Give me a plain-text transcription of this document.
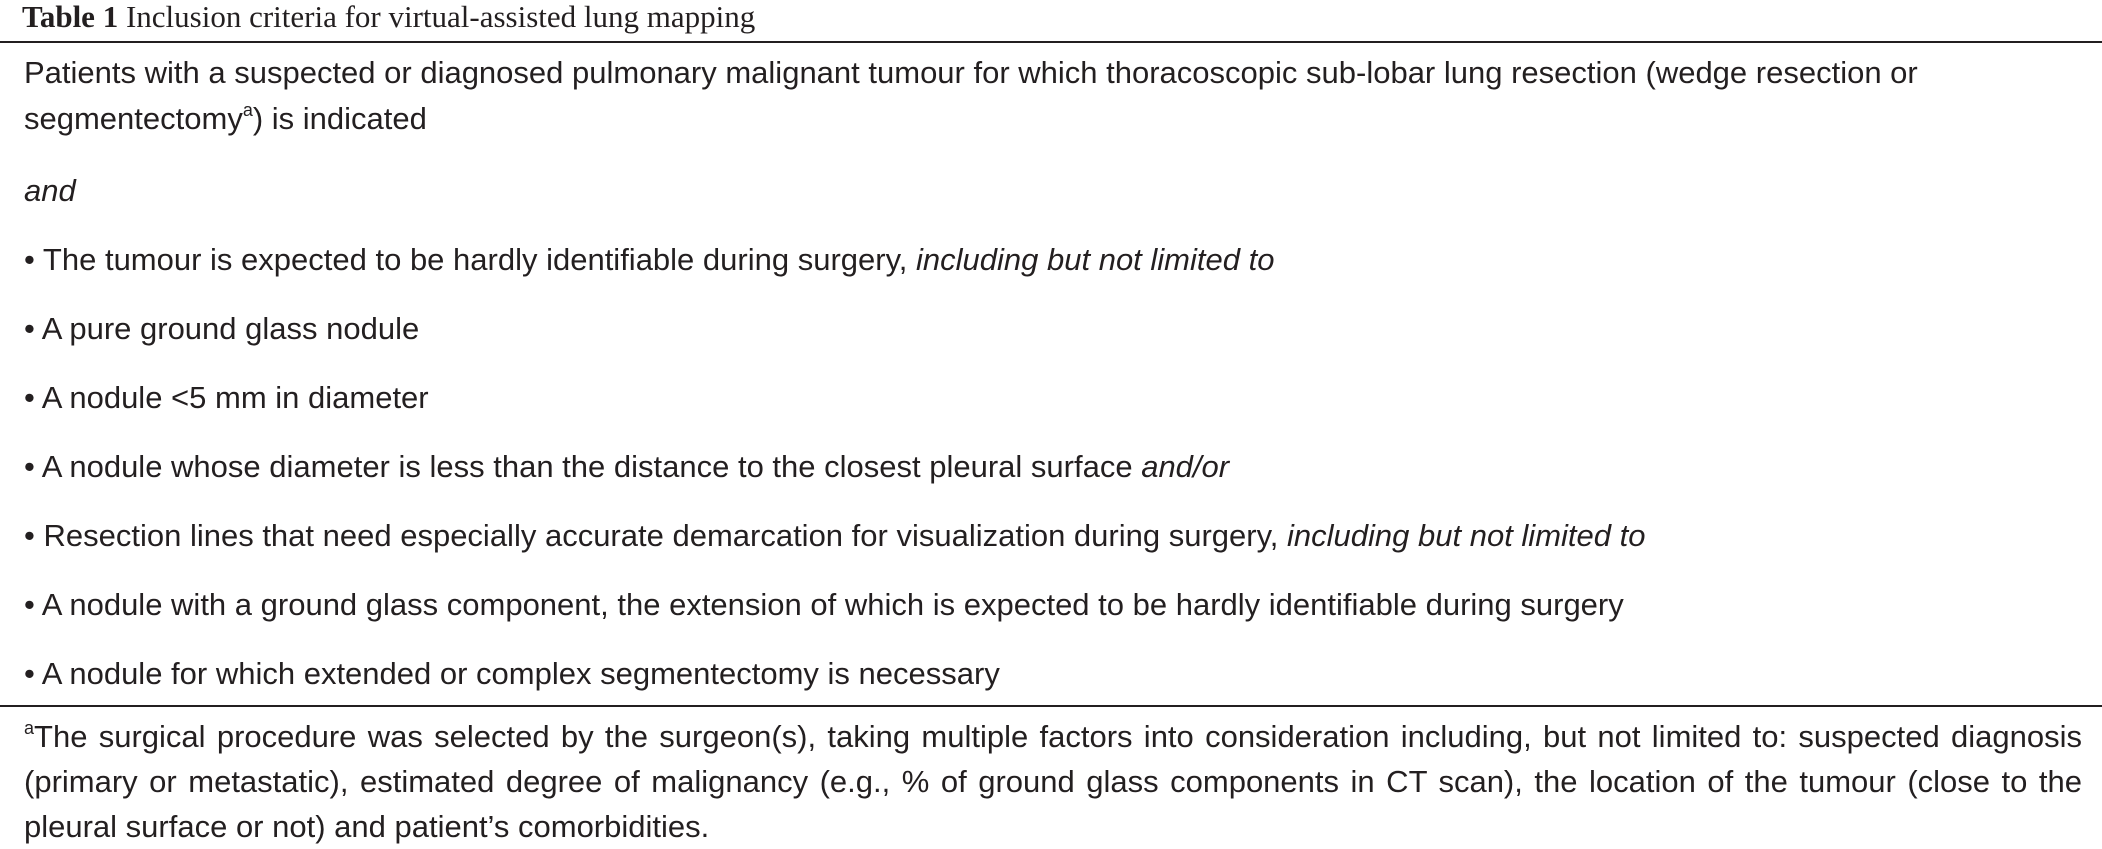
Table 1 Inclusion criteria for virtual-assisted lung mapping
Patients with a suspected or diagnosed pulmonary malignant tumour for which thoracoscopic sub-lobar lung resection (wedge resection or segmentectomy$^a$) is indicated
and
• The tumour is expected to be hardly identifiable during surgery, including but not limited to
• A pure ground glass nodule
• A nodule <5 mm in diameter
• A nodule whose diameter is less than the distance to the closest pleural surface and/or
• Resection lines that need especially accurate demarcation for visualization during surgery, including but not limited to
• A nodule with a ground glass component, the extension of which is expected to be hardly identifiable during surgery
• A nodule for which extended or complex segmentectomy is necessary
$^a$The surgical procedure was selected by the surgeon(s), taking multiple factors into consideration including, but not limited to: suspected diagnosis (primary or metastatic), estimated degree of malignancy (e.g., % of ground glass components in CT scan), the location of the tumour (close to the pleural surface or not) and patient’s comorbidities.
